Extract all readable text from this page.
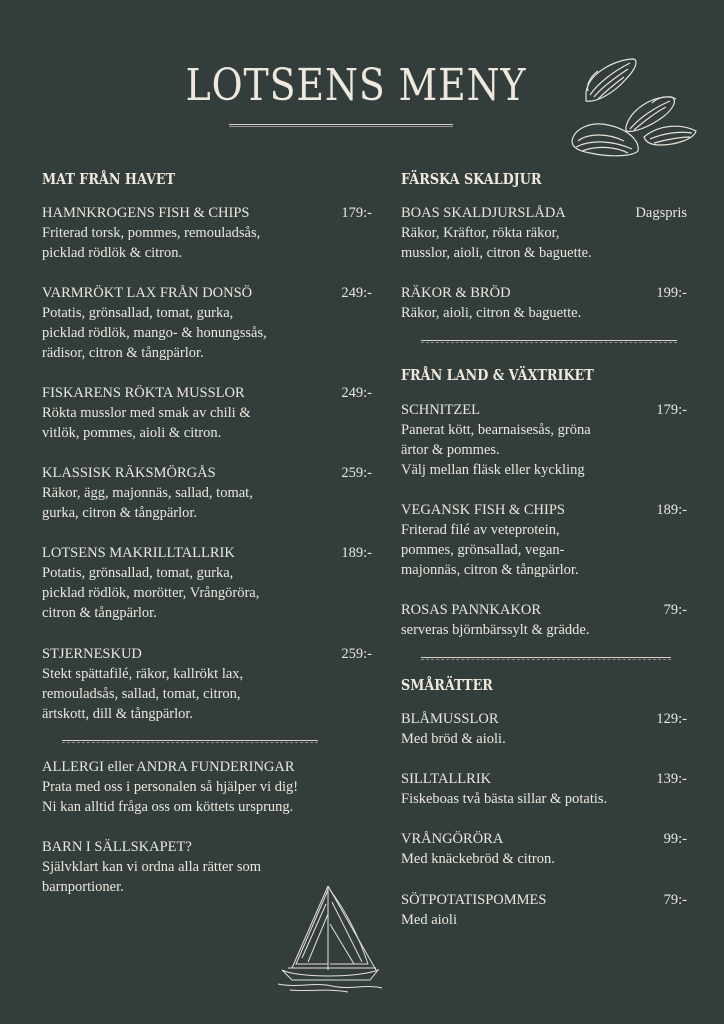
LOTSENS MENY
MAT FRÅN HAVET
HAMNKROGENS FISH & CHIPS	179:-
Friterad torsk, pommes, remouladsås,
picklad rödlök & citron.
VARMRÖKT LAX FRÅN DONSÖ	249:-
Potatis, grönsallad, tomat, gurka,
picklad rödlök, mango- & honungssås,
rädisor, citron & tångpärlor.
FISKARENS RÖKTA MUSSLOR	249:-
Rökta musslor med smak av chili &
vitlök, pommes, aioli & citron.
KLASSISK RÄKSMÖRGÅS	259:-
Räkor, ägg, majonnäs, sallad, tomat,
gurka, citron & tångpärlor.
LOTSENS MAKRILLTALLRIK	189:-
Potatis, grönsallad, tomat, gurka,
picklad rödlök, morötter, Vrångöröra,
citron & tångpärlor.
STJERNESKUD	259:-
Stekt spättafilé, räkor, kallrökt lax,
remouladsås, sallad, tomat, citron,
ärtskott, dill & tångpärlor.
ALLERGI eller ANDRA FUNDERINGAR
Prata med oss i personalen så hjälper vi dig!
Ni kan alltid fråga oss om köttets ursprung.
BARN I SÄLLSKAPET?
Självklart kan vi ordna alla rätter som
barnportioner.
FÄRSKA SKALDJUR
BOAS SKALDJURSLÅDA	Dagspris
Räkor, Kräftor, rökta räkor,
musslor, aioli, citron & baguette.
RÄKOR & BRÖD	199:-
Räkor, aioli, citron & baguette.
FRÅN LAND & VÄXTRIKET
SCHNITZEL	179:-
Panerat kött, bearnaisesås, gröna
ärtor & pommes.
Välj mellan fläsk eller kyckling
VEGANSK FISH & CHIPS	189:-
Friterad filé av veteprotein,
pommes, grönsallad, vegan-
majonnäs, citron & tångpärlor.
ROSAS PANNKAKOR	79:-
serveras björnbärssylt & grädde.
SMÅRÄTTER
BLÅMUSSLOR	129:-
Med bröd & aioli.
SILLTALLRIK	139:-
Fiskeboas två bästa sillar & potatis.
VRÅNGÖRÖRA	99:-
Med knäckebröd & citron.
SÖTPOTATISPOMMES	79:-
Med aioli
